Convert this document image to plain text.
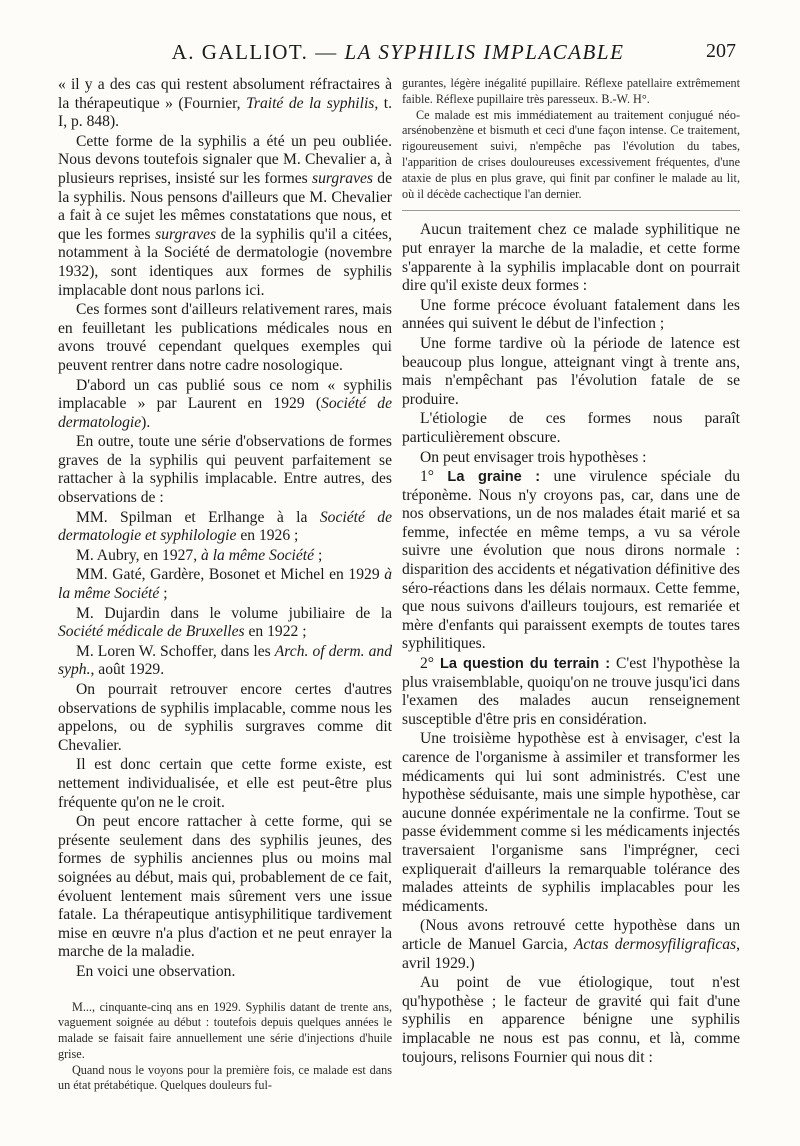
A. GALLIOT. — LA SYPHILIS IMPLACABLE	207

« il y a des cas qui restent absolument réfractaires à la thérapeutique » (Fournier, Traité de la syphilis, t. I, p. 848).

Cette forme de la syphilis a été un peu oubliée. Nous devons toutefois signaler que M. Chevalier a, à plusieurs reprises, insisté sur les formes surgraves de la syphilis. Nous pensons d'ailleurs que M. Chevalier a fait à ce sujet les mêmes constatations que nous, et que les formes surgraves de la syphilis qu'il a citées, notamment à la Société de dermatologie (novembre 1932), sont identiques aux formes de syphilis implacable dont nous parlons ici.

Ces formes sont d'ailleurs relativement rares, mais en feuilletant les publications médicales nous en avons trouvé cependant quelques exemples qui peuvent rentrer dans notre cadre nosologique.

D'abord un cas publié sous ce nom « syphilis implacable » par Laurent en 1929 (Société de dermatologie).

En outre, toute une série d'observations de formes graves de la syphilis qui peuvent parfaitement se rattacher à la syphilis implacable. Entre autres, des observations de :

MM. Spilman et Erlhange à la Société de dermatologie et syphilologie en 1926 ;

M. Aubry, en 1927, à la même Société ;

MM. Gaté, Gardère, Bosonet et Michel en 1929 à la même Société ;

M. Dujardin dans le volume jubiliaire de la Société médicale de Bruxelles en 1922 ;

M. Loren W. Schoffer, dans les Arch. of derm. and syph., août 1929.

On pourrait retrouver encore certes d'autres observations de syphilis implacable, comme nous les appelons, ou de syphilis surgraves comme dit Chevalier.

Il est donc certain que cette forme existe, est nettement individualisée, et elle est peut-être plus fréquente qu'on ne le croit.

On peut encore rattacher à cette forme, qui se présente seulement dans des syphilis jeunes, des formes de syphilis anciennes plus ou moins mal soignées au début, mais qui, probablement de ce fait, évoluent lentement mais sûrement vers une issue fatale. La thérapeutique antisyphilitique tardivement mise en œuvre n'a plus d'action et ne peut enrayer la marche de la maladie.

En voici une observation.

M..., cinquante-cinq ans en 1929. Syphilis datant de trente ans, vaguement soignée au début : toutefois depuis quelques années le malade se faisait faire annuellement une série d'injections d'huile grise.

Quand nous le voyons pour la première fois, ce malade est dans un état prétabétique. Quelques douleurs ful-

gurantes, légère inégalité pupillaire. Réflexe patellaire extrêmement faible. Réflexe pupillaire très paresseux. B.-W. H°.

Ce malade est mis immédiatement au traitement conjugué néo-arsénobenzène et bismuth et ceci d'une façon intense. Ce traitement, rigoureusement suivi, n'empêche pas l'évolution du tabes, l'apparition de crises douloureuses excessivement fréquentes, d'une ataxie de plus en plus grave, qui finit par confiner le malade au lit, où il décède cachectique l'an dernier.

Aucun traitement chez ce malade syphilitique ne put enrayer la marche de la maladie, et cette forme s'apparente à la syphilis implacable dont on pourrait dire qu'il existe deux formes :

Une forme précoce évoluant fatalement dans les années qui suivent le début de l'infection ;

Une forme tardive où la période de latence est beaucoup plus longue, atteignant vingt à trente ans, mais n'empêchant pas l'évolution fatale de se produire.

L'étiologie de ces formes nous paraît particulièrement obscure.

On peut envisager trois hypothèses :

1° La graine : une virulence spéciale du tréponème. Nous n'y croyons pas, car, dans une de nos observations, un de nos malades était marié et sa femme, infectée en même temps, a vu sa vérole suivre une évolution que nous dirons normale : disparition des accidents et négativation définitive des séro-réactions dans les délais normaux. Cette femme, que nous suivons d'ailleurs toujours, est remariée et mère d'enfants qui paraissent exempts de toutes tares syphilitiques.

2° La question du terrain : C'est l'hypothèse la plus vraisemblable, quoiqu'on ne trouve jusqu'ici dans l'examen des malades aucun renseignement susceptible d'être pris en considération.

Une troisième hypothèse est à envisager, c'est la carence de l'organisme à assimiler et transformer les médicaments qui lui sont administrés. C'est une hypothèse séduisante, mais une simple hypothèse, car aucune donnée expérimentale ne la confirme. Tout se passe évidemment comme si les médicaments injectés traversaient l'organisme sans l'imprégner, ceci expliquerait d'ailleurs la remarquable tolérance des malades atteints de syphilis implacables pour les médicaments.

(Nous avons retrouvé cette hypothèse dans un article de Manuel Garcia, Actas dermosyfiligraficas, avril 1929.)

Au point de vue étiologique, tout n'est qu'hypothèse ; le facteur de gravité qui fait d'une syphilis en apparence bénigne une syphilis implacable ne nous est pas connu, et là, comme toujours, relisons Fournier qui nous dit :
